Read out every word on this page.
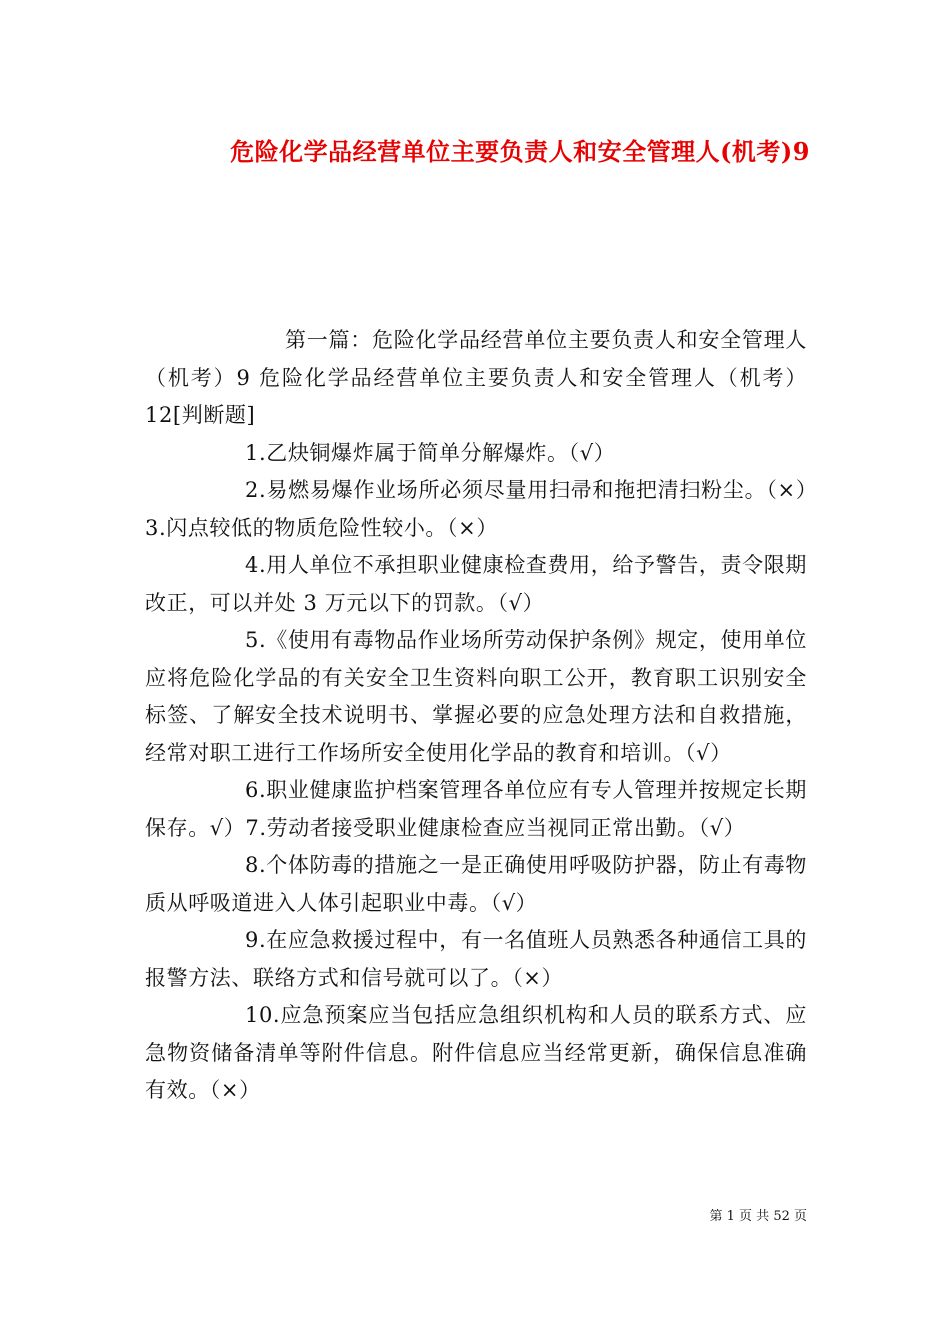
危险化学品经营单位主要负责人和安全管理人(机考)9

第一篇：危险化学品经营单位主要负责人和安全管理人（机考）9 危险化学品经营单位主要负责人和安全管理人（机考）12[判断题]

1.乙炔铜爆炸属于简单分解爆炸。（√）

2.易燃易爆作业场所必须尽量用扫帚和拖把清扫粉尘。（×）3.闪点较低的物质危险性较小。（×）

4.用人单位不承担职业健康检查费用，给予警告，责令限期改正，可以并处 3 万元以下的罚款。（√）

5.《使用有毒物品作业场所劳动保护条例》规定，使用单位应将危险化学品的有关安全卫生资料向职工公开，教育职工识别安全标签、了解安全技术说明书、掌握必要的应急处理方法和自救措施，经常对职工进行工作场所安全使用化学品的教育和培训。（√）

6.职业健康监护档案管理各单位应有专人管理并按规定长期保存。√）7.劳动者接受职业健康检查应当视同正常出勤。（√）

8.个体防毒的措施之一是正确使用呼吸防护器，防止有毒物质从呼吸道进入人体引起职业中毒。（√）

9.在应急救援过程中，有一名值班人员熟悉各种通信工具的报警方法、联络方式和信号就可以了。（×）

10.应急预案应当包括应急组织机构和人员的联系方式、应急物资储备清单等附件信息。附件信息应当经常更新，确保信息准确有效。（×）

第 1 页 共 52 页
